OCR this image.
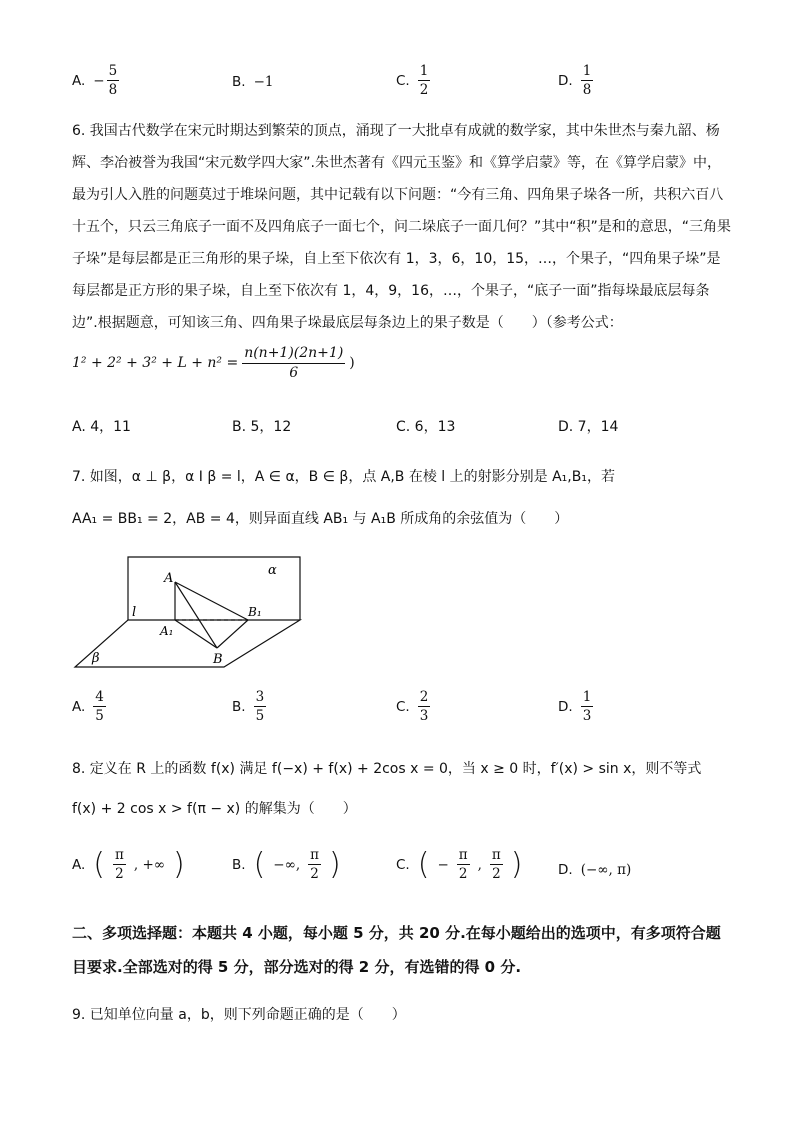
A. − $\frac{5}{8}$	B. −1	C. $\frac{1}{2}$	D. $\frac{1}{8}$
6. 我国古代数学在宋元时期达到繁荣的顶点，涌现了一大批卓有成就的数学家，其中朱世杰与秦九韶、杨辉、李冶被誉为我国“宋元数学四大家”.朱世杰著有《四元玉鉴》和《算学启蒙》等，在《算学启蒙》中，最为引人入胜的问题莫过于堆垛问题，其中记载有以下问题：“今有三角、四角果子垛各一所，共积六百八十五个，只云三角底子一面不及四角底子一面七个，问二垛底子一面几何？”其中“积”是和的意思，“三角果子垛”是每层都是正三角形的果子垛，自上至下依次有 1，3，6，10，15，…，个果子，“四角果子垛”是每层都是正方形的果子垛，自上至下依次有 1，4，9，16，…，个果子，“底子一面”指每垛最底层每条边”.根据题意，可知该三角、四角果子垛最底层每条边上的果子数是（　　）（参考公式：
$1^2 + 2^2 + 3^2 + L + n^2 = \frac{n(n+1)(2n+1)}{6}$ )
A. 4，11	B. 5，12	C. 6，13	D. 7，14
7. 如图，α ⊥ β，α I β = l，A ∈ α，B ∈ β，点 A,B 在棱 l 上的射影分别是 A₁,B₁，若
AA₁ = BB₁ = 2，AB = 4，则异面直线 AB₁ 与 A₁B 所成角的余弦值为（　　）
A
A₁
B
B₁
α
β
l
A. $\frac{4}{5}$	B. $\frac{3}{5}$	C. $\frac{2}{3}$	D. $\frac{1}{3}$
8. 定义在 R 上的函数 f(x) 满足 f(−x) + f(x) + 2cos x = 0，当 x ≥ 0 时，f′(x) > sin x，则不等式
f(x) + 2 cos x > f(π − x) 的解集为（　　）
A. ( $\frac{\pi}{2}$ , +∞ )	B. ( −∞, $\frac{\pi}{2}$ )	C. ( − $\frac{\pi}{2}$ , $\frac{\pi}{2}$ )	D. (−∞, π)
二、多项选择题：本题共 4 小题，每小题 5 分，共 20 分.在每小题给出的选项中，有多项符合题目要求.全部选对的得 5 分，部分选对的得 2 分，有选错的得 0 分.
9. 已知单位向量 a，b，则下列命题正确的是（　　）
